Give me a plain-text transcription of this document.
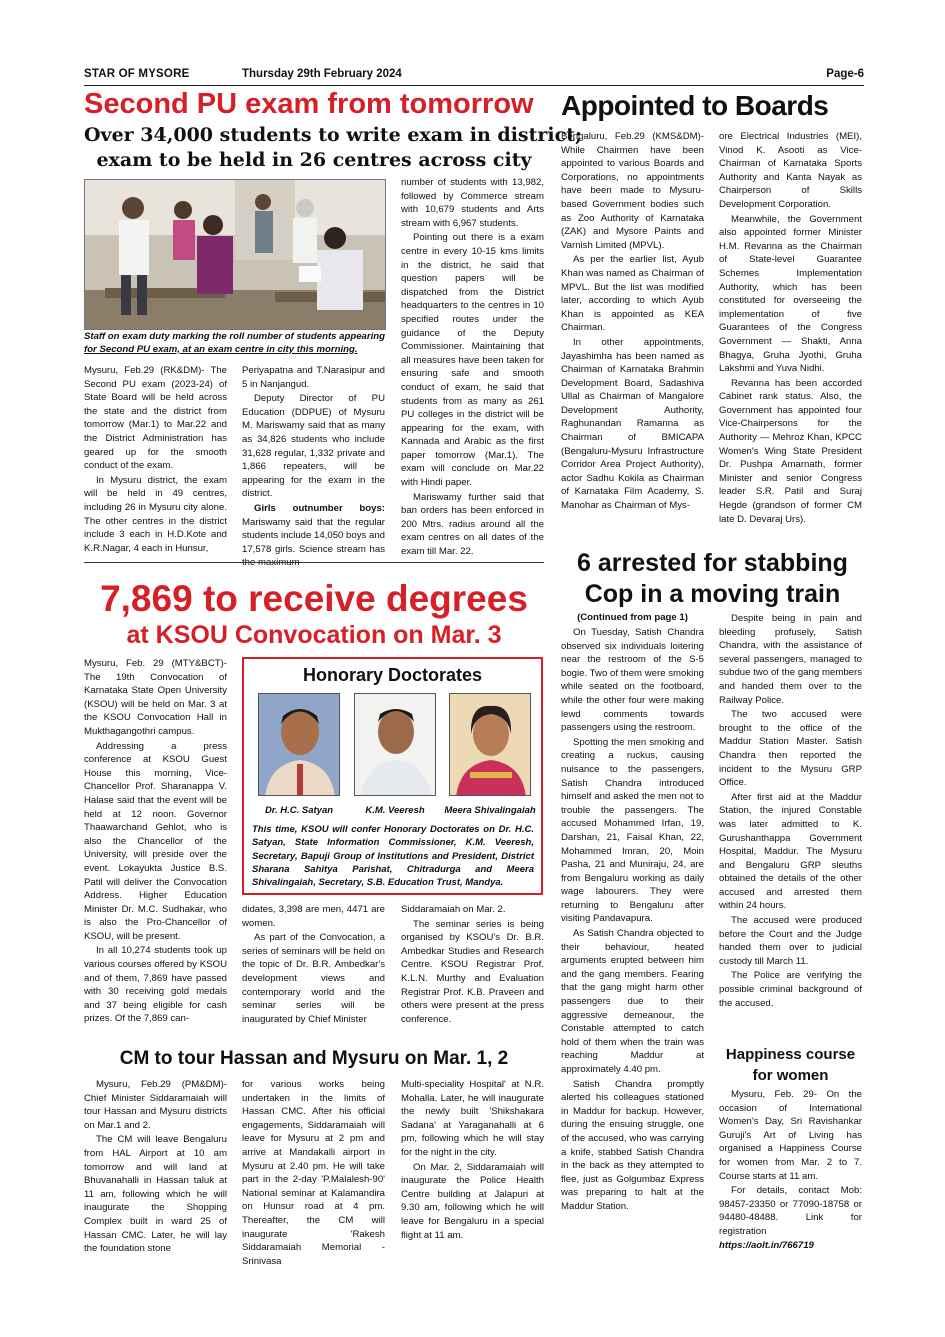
STAR OF MYSORE	Thursday 29th February 2024	Page-6
Second PU exam from tomorrow
Over 34,000 students to write exam in district;
exam to be held in 26 centres across city
Staff on exam duty marking the roll number of students appearing
for Second PU exam, at an exam centre in city this morning.

Mysuru, Feb.29 (RK&DM)- The Second PU exam (2023-24) of State Board will be held across the state and the district from tomorrow (Mar.1) to Mar.22 and the District Administration has geared up for the smooth conduct of the exam.

In Mysuru district, the exam will be held in 49 centres, including 26 in Mysuru city alone. The other centres in the district include 3 each in H.D.Kote and K.R.Nagar, 4 each in Hunsur,

Periyapatna and T.Narasipur and 5 in Nanjangud.

Deputy Director of PU Education (DDPUE) of Mysuru M. Mariswamy said that as many as 34,826 students who include 31,628 regular, 1,332 private and 1,866 repeaters, will be appearing for the exam in the district.

Girls outnumber boys: Mariswamy said that the regular students include 14,050 boys and 17,578 girls. Science stream has

number of students with 13,982, followed by Commerce stream with 10,679 students and Arts stream with 6,967 students.

Pointing out there is a exam centre in every 10-15 kms limits in the district, he said that question papers will be dispatched from the District headquarters to the centres in 10 specified routes under the guidance of the Deputy Commissioner. Maintaining that all measures have been taken for ensuring safe and smooth conduct of exam, he said that students from as many as 261 PU colleges in the district will be appearing for the exam, with Kannada and Arabic as the first paper tomorrow (Mar.1). The exam will conclude on Mar.22 with Hindi paper.

Mariswamy further said that ban orders has been enforced in 200 Mtrs. radius around all the exam centres on all dates of the exam till Mar. 22.

Appointed to Boards

Bengaluru, Feb.29 (KMS&DM)- While Chairmen have been appointed to various Boards and Corporations, no appointments have been made to Mysuru-based Government bodies such as Zoo Authority of Karnataka (ZAK) and Mysore Paints and Varnish Limited (MPVL).

As per the earlier list, Ayub Khan was named as Chairman of MPVL. But the list was modified later, according to which Ayub Khan is appointed as KEA Chairman.

In other appointments, Jayashimha has been named as Chairman of Karnataka Brahmin Development Board, Sadashiva Ullal as Chairman of Mangalore Development Authority, Raghunandan Ramanna as Chairman of BMICAPA (Bengaluru-Mysuru Infrastructure Corridor Area Project Authority), actor Sadhu Kokila as Chairman of Karnataka Film Academy, S. Manohar as Chairman of Mys-

ore Electrical Industries (MEI), Vinod K. Asooti as Vice-Chairman of Karnataka Sports Authority and Kanta Nayak as Chairperson of Skills Development Corporation.

Meanwhile, the Government also appointed former Minister H.M. Revanna as the Chairman of State-level Guarantee Schemes Implementation Authority, which has been constituted for overseeing the implementation of five Guarantees of the Congress Government — Shakti, Anna Bhagya, Gruha Jyothi, Gruha Lakshmi and Yuva Nidhi.

Revanna has been accorded Cabinet rank status. Also, the Government has appointed four Vice-Chairpersons for the Authority — Mehroz Khan, KPCC Women's Wing State President Dr. Pushpa Amarnath, former Minister and senior Congress leader S.R. Patil and Suraj Hegde (grandson of former CM late D. Devaraj Urs).

7,869 to receive degrees
at KSOU Convocation on Mar. 3

Mysuru, Feb. 29 (MTY&BCT)- The 19th Convocation of Karnataka State Open University (KSOU) will be held on Mar. 3 at the KSOU Convocation Hall in Mukthagangothri campus.

Addressing a press conference at KSOU Guest House this morning, Vice-Chancellor Prof. Sharanappa V. Halase said that the event will be held at 12 noon. Governor Thaawarchand Gehlot, who is also the Chancellor of the University, will preside over the event. Lokayukta Justice B.S. Patil will deliver the Convocation Address. Higher Education Minister Dr. M.C. Sudhakar, who is also the Pro-Chancellor of KSOU, will be present.

In all 10,274 students took up various courses offered by KSOU and of them, 7,869 have passed with 30 receiving gold medals and 37 being eligible for cash prizes. Of the 7,869 can-

Honorary Doctorates
Dr. H.C. Satyan	K.M. Veeresh	Meera Shivalingaiah
This time, KSOU will confer Honorary Doctorates on Dr. H.C. Satyan, State Information Commissioner, K.M. Veeresh, Secretary, Bapuji Group of Institutions and President, District Sharana Sahitya Parishat, Chitradurga and Meera Shivalingaiah, Secretary, S.B. Education Trust, Mandya.

didates, 3,398 are men, 4471 are women.

As part of the Convocation, a series of seminars will be held on the topic of Dr. B.R. Ambedkar's development views and contemporary world and the seminar series will be inaugurated by Chief Minister

Siddaramaiah on Mar. 2.

The seminar series is being organised by KSOU's Dr. B.R. Ambedkar Studies and Research Centre. KSOU Registrar Prof. K.L.N. Murthy and Evaluation Registrar Prof. K.B. Praveen and others were present at the press conference.

6 arrested for stabbing
Cop in a moving train
(Continued from page 1)

On Tuesday, Satish Chandra observed six individuals loitering near the restroom of the S-5 bogie. Two of them were smoking while seated on the footboard, while the other four were making lewd comments towards passengers using the restroom.

Spotting the men smoking and creating a ruckus, causing nuisance to the passengers, Satish Chandra introduced himself and asked the men not to trouble the passengers. The accused Mohammed Irfan, 19, Darshan, 21, Faisal Khan, 22, Mohammed Imran, 20, Moin Pasha, 21 and Muniraju, 24, are from Bengaluru working as daily wage labourers. They were returning to Bengaluru after visiting Pandavapura.

As Satish Chandra objected to their behaviour, heated arguments erupted between him and the gang members. Fearing that the gang might harm other passengers due to their aggressive demeanour, the Constable attempted to catch hold of them when the train was reaching Maddur at approximately 4.40 pm.

Satish Chandra promptly alerted his colleagues stationed in Maddur for backup. However, during the ensuing struggle, one of the accused, who was carrying a knife, stabbed Satish Chandra in the back as they attempted to flee, just as Golgumbaz Express was preparing to halt at the Maddur Station.

Despite being in pain and bleeding profusely, Satish Chandra, with the assistance of several passengers, managed to subdue two of the gang members and handed them over to the Railway Police.

The two accused were brought to the office of the Maddur Station Master. Satish Chandra then reported the incident to the Mysuru GRP Office.

After first aid at the Maddur Station, the injured Constable was later admitted to K. Gurushanthappa Government Hospital, Maddur. The Mysuru and Bengaluru GRP sleuths obtained the details of the other accused and arrested them within 24 hours.

The accused were produced before the Court and the Judge handed them over to judicial custody till March 11.

The Police are verifying the possible criminal background of the accused.

Happiness course
for women

Mysuru, Feb. 29- On the occasion of International Women's Day, Sri Ravishankar Guruji's Art of Living has organised a Happiness Course for women from Mar. 2 to 7. Course starts at 11 am.

For details, contact Mob: 98457-23350 or 77090-18758 or 94480-48488. Link for registration https://aolt.in/766719

CM to tour Hassan and Mysuru on Mar. 1, 2

Mysuru, Feb.29 (PM&DM)- Chief Minister Siddaramaiah will tour Hassan and Mysuru districts on Mar.1 and 2.

The CM will leave Bengaluru from HAL Airport at 10 am tomorrow and will land at Bhuvanahalli in Hassan taluk at 11 am, following which he will inaugurate the Shopping Complex built in ward 25 of Hassan CMC. Later, he will lay the foundation stone

for various works being undertaken in the limits of Hassan CMC. After his official engagements, Siddaramaiah will leave for Mysuru at 2 pm and arrive at Mandakalli airport in Mysuru at 2.40 pm. He will take part in the 2-day 'P.Malalesh-90' National seminar at Kalamandira on Hunsur road at 4 pm. Thereafter, the CM will inaugurate 'Rakesh Siddaramaiah Memorial - Srinivasa

Multi-speciality Hospital' at N.R. Mohalla. Later, he will inaugurate the newly built 'Shikshakara Sadana' at Yaraganahalli at 6 pm, following which he will stay for the night in the city.

On Mar. 2, Siddaramaiah will inaugurate the Police Health Centre building at Jalapuri at 9.30 am, following which he will leave for Bengaluru in a special flight at 11 am.
